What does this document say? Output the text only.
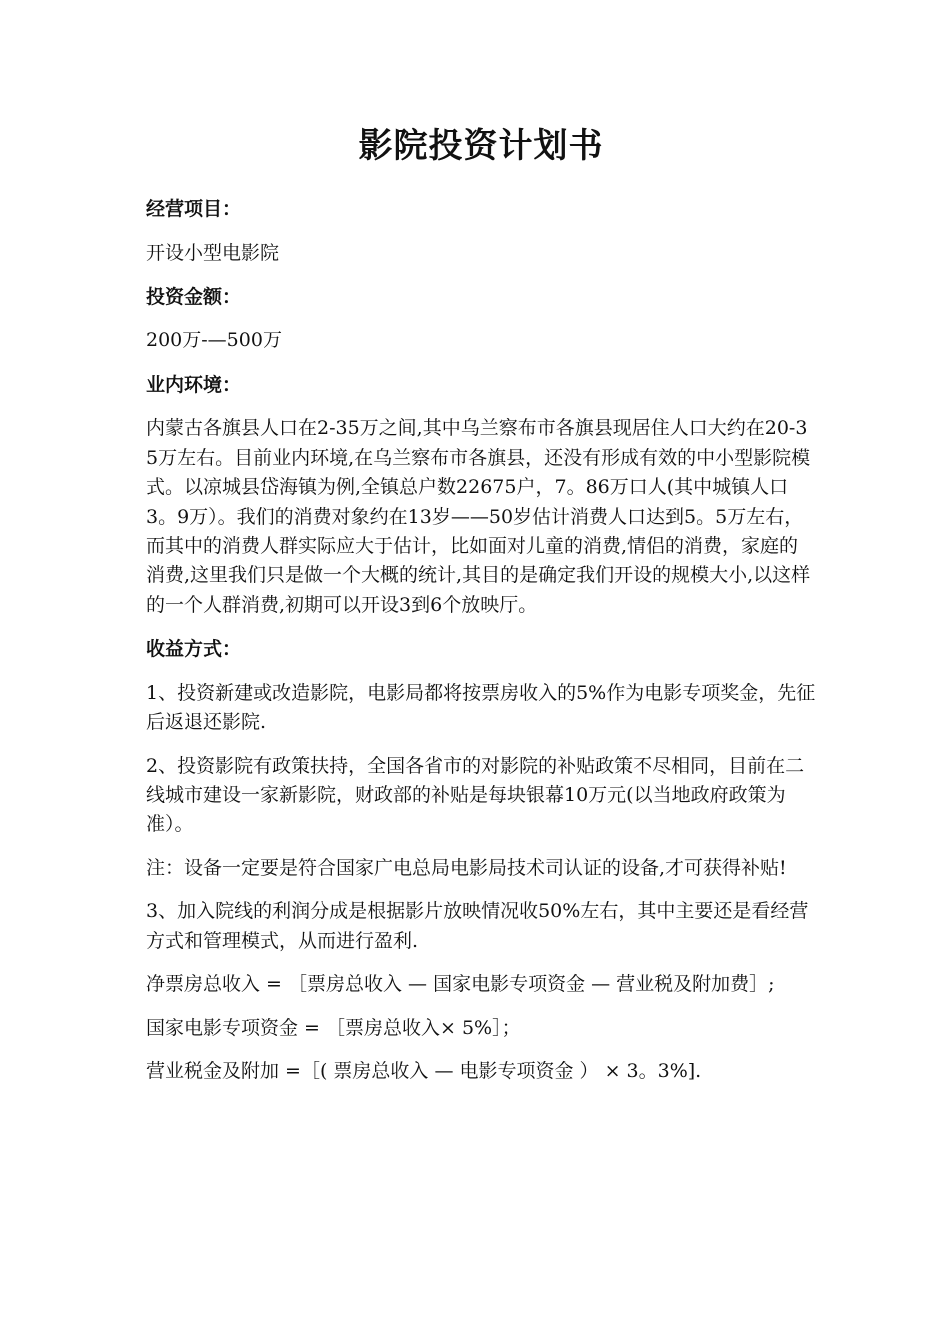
影院投资计划书
经营项目：

开设小型电影院

投资金额：

200万-—500万

业内环境：

内蒙古各旗县人口在2-35万之间,其中乌兰察布市各旗县现居住人口大约在20-35万左右。目前业内环境,在乌兰察布市各旗县，还没有形成有效的中小型影院模式。以凉城县岱海镇为例,全镇总户数22675户，7。86万口人(其中城镇人口3。9万）。我们的消费对象约在13岁——50岁估计消费人口达到5。5万左右，而其中的消费人群实际应大于估计，比如面对儿童的消费,情侣的消费，家庭的消费,这里我们只是做一个大概的统计,其目的是确定我们开设的规模大小,以这样的一个人群消费,初期可以开设3到6个放映厅。

收益方式：

1、投资新建或改造影院，电影局都将按票房收入的5%作为电影专项奖金，先征后返退还影院.

2、投资影院有政策扶持，全国各省市的对影院的补贴政策不尽相同，目前在二线城市建设一家新影院，财政部的补贴是每块银幕10万元(以当地政府政策为准）。

注：设备一定要是符合国家广电总局电影局技术司认证的设备,才可获得补贴!

3、加入院线的利润分成是根据影片放映情况收50%左右，其中主要还是看经营方式和管理模式，从而进行盈利.

净票房总收入 = ［票房总收入 — 国家电影专项资金 — 营业税及附加费］;

国家电影专项资金 = ［票房总收入× 5%］；

营业税金及附加 =［( 票房总收入 — 电影专项资金 ） × 3。3%].
